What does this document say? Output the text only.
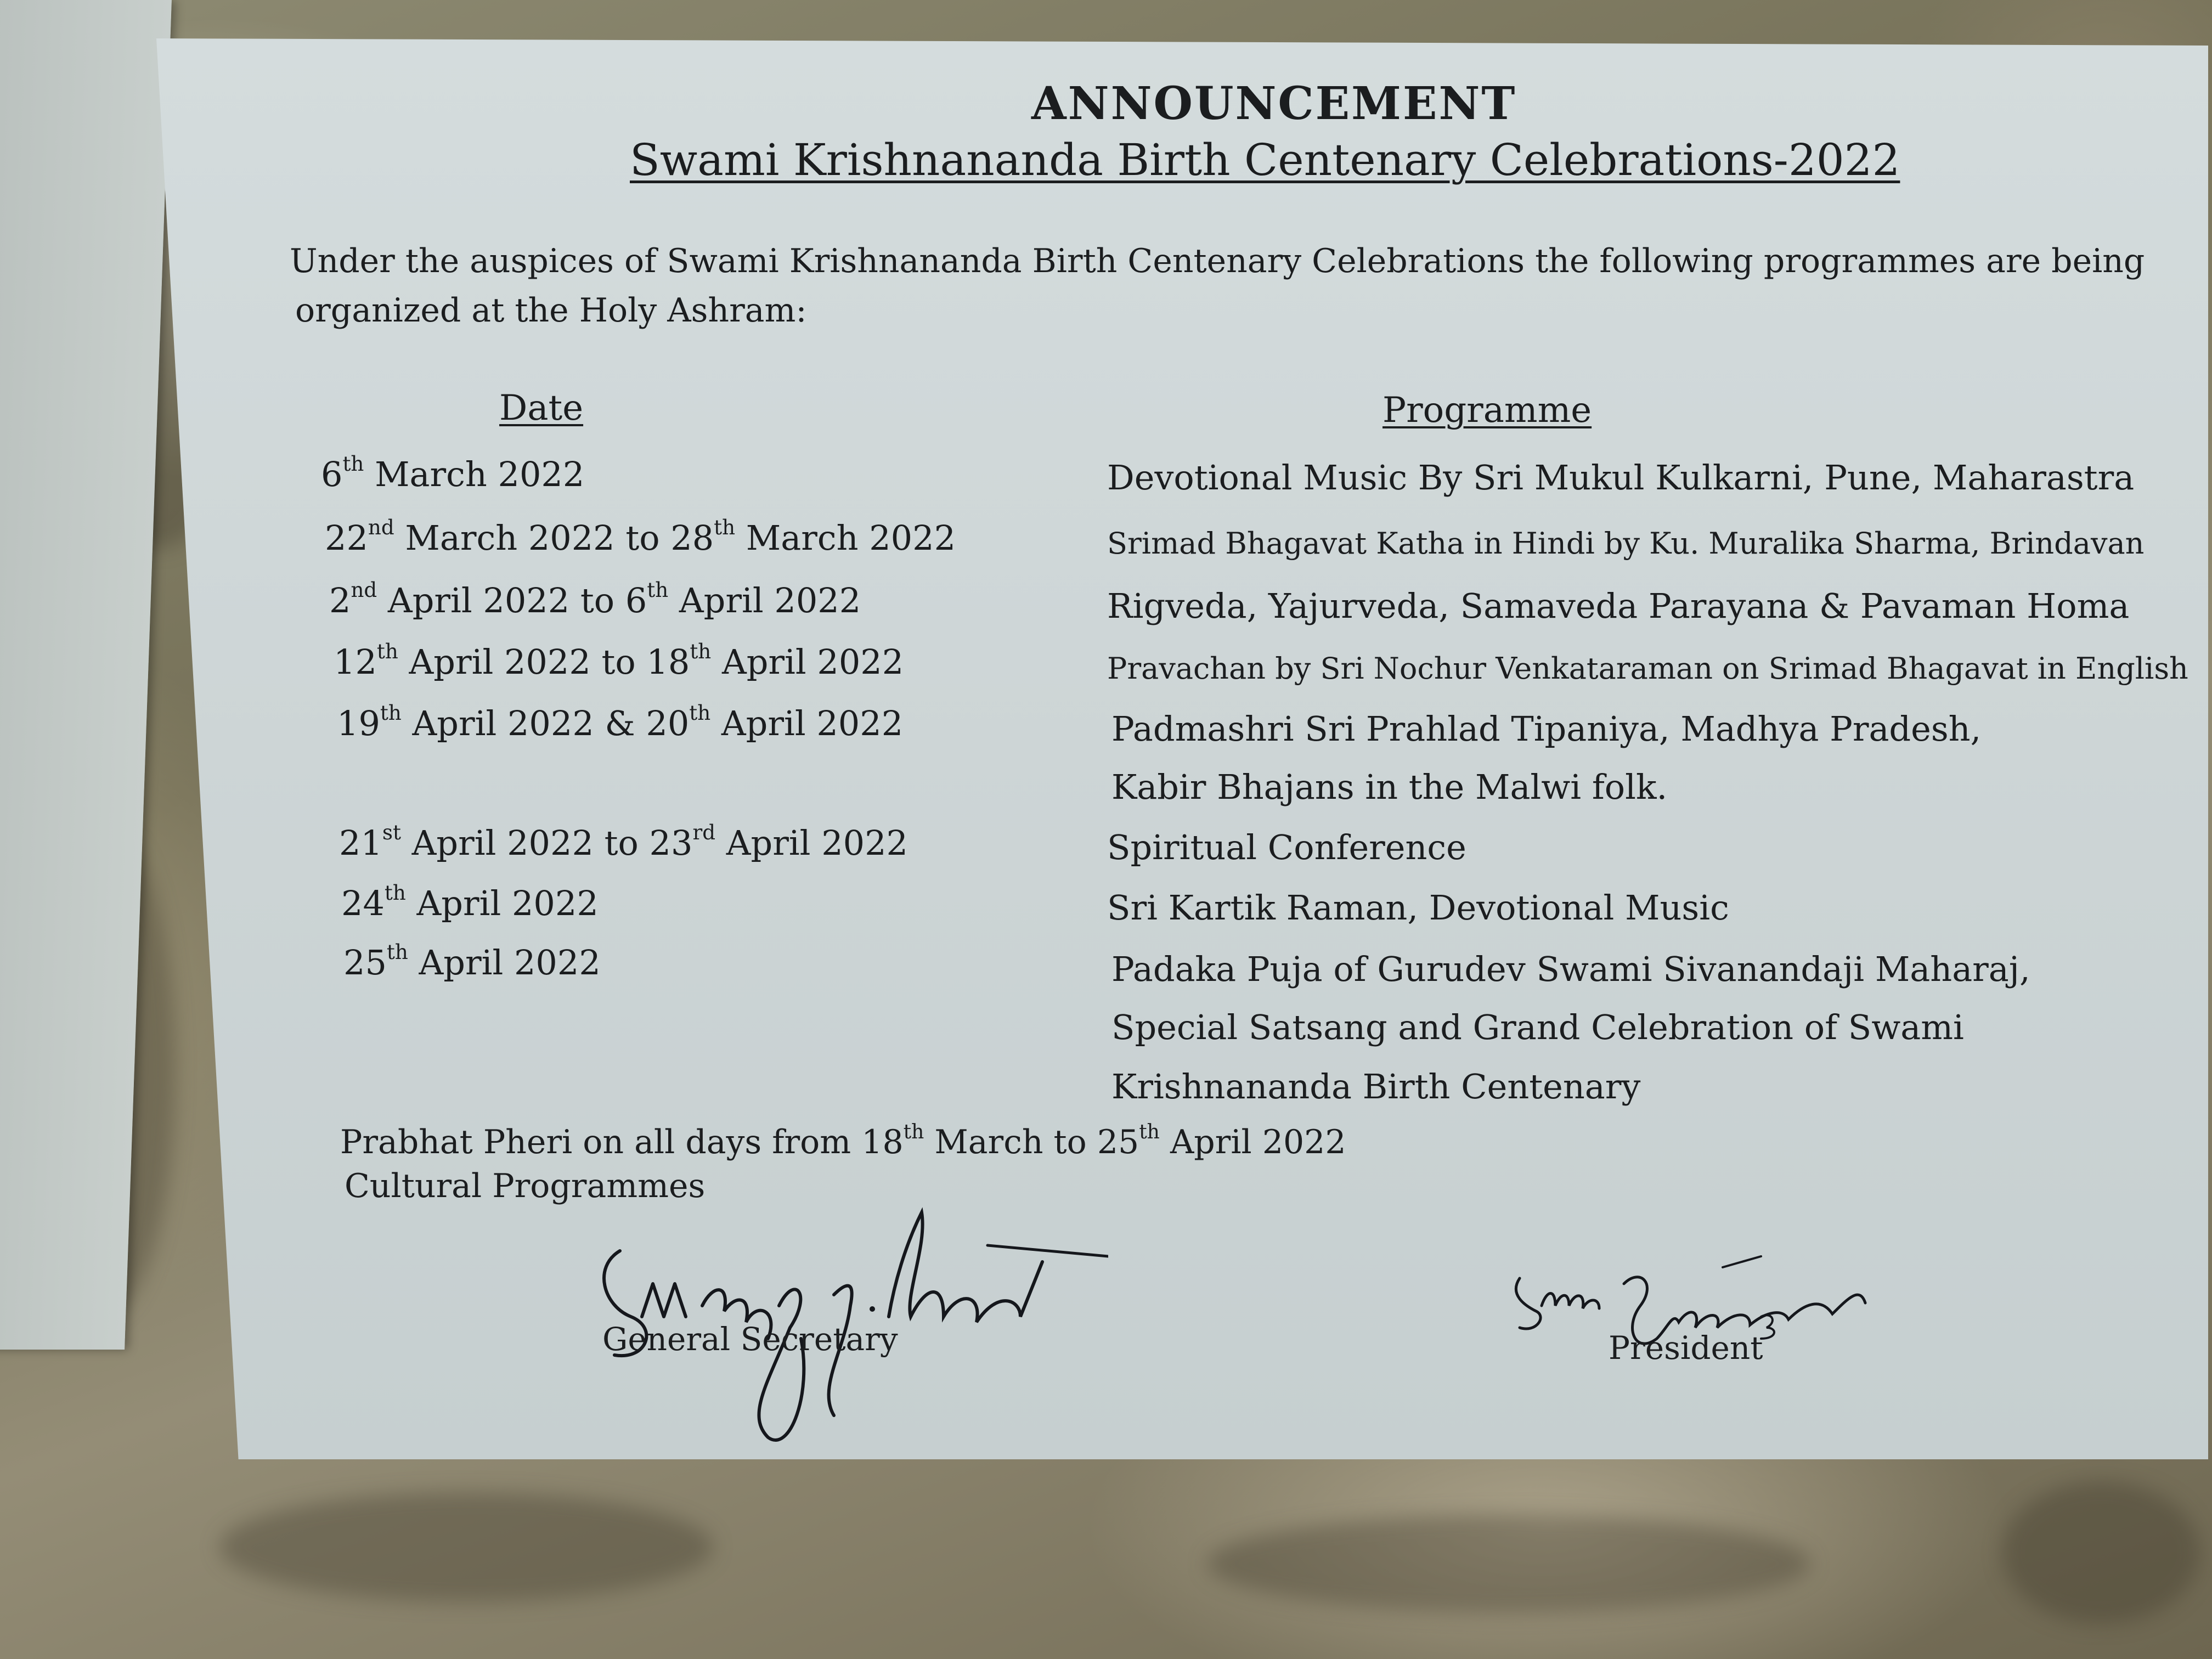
ANNOUNCEMENT
Swami Krishnananda Birth Centenary Celebrations-2022
Under the auspices of Swami Krishnananda Birth Centenary Celebrations the following programmes are being
organized at the Holy Ashram:
Date	Programme
6th March 2022	Devotional Music By Sri Mukul Kulkarni, Pune, Maharastra
22nd March 2022 to 28th March 2022	Srimad Bhagavat Katha in Hindi by Ku. Muralika Sharma, Brindavan
2nd April 2022 to 6th April 2022	Rigveda, Yajurveda, Samaveda Parayana & Pavaman Homa
12th April 2022 to 18th April 2022	Pravachan by Sri Nochur Venkataraman on Srimad Bhagavat in English
19th April 2022 & 20th April 2022	Padmashri Sri Prahlad Tipaniya, Madhya Pradesh,
Kabir Bhajans in the Malwi folk.
21st April 2022 to 23rd April 2022	Spiritual Conference
24th April 2022	Sri Kartik Raman, Devotional Music
25th April 2022	Padaka Puja of Gurudev Swami Sivanandaji Maharaj,
Special Satsang and Grand Celebration of Swami
Krishnananda Birth Centenary
Prabhat Pheri on all days from 18th March to 25th April 2022
Cultural Programmes
General Secretary	President
